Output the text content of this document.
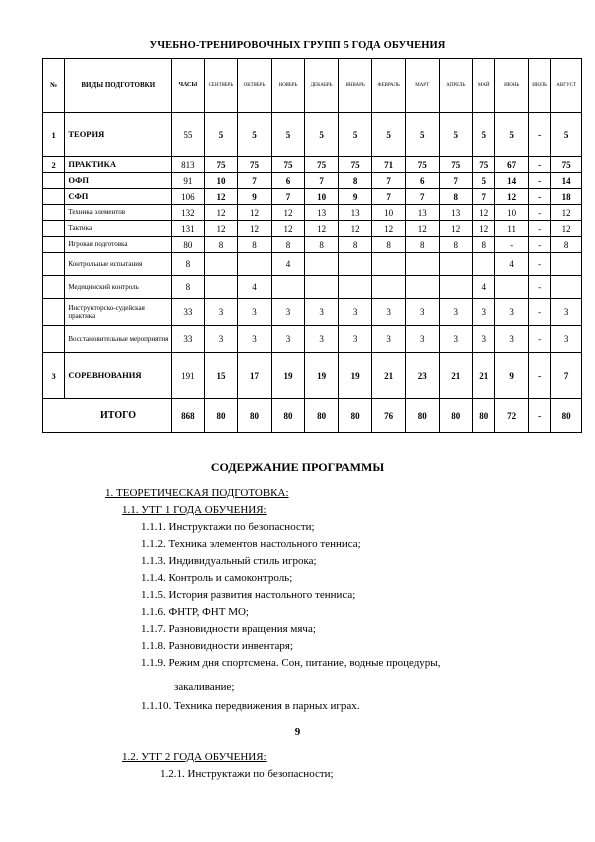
УЧЕБНО-ТРЕНИРОВОЧНЫХ ГРУПП 5 ГОДА ОБУЧЕНИЯ
№	ВИДЫ ПОДГОТОВКИ	ЧАСЫ	СЕНТЯБРЬ	ОКТЯБРЬ	НОЯБРЬ	ДЕКАБРЬ	ЯНВАРЬ	ФЕВРАЛЬ	МАРТ	АПРЕЛЬ	МАЙ	ИЮНЬ	ИЮЛЬ	АВГУСТ
1	ТЕОРИЯ	55	5	5	5	5	5	5	5	5	5	5	-	5
2	ПРАКТИКА	813	75	75	75	75	75	71	75	75	75	67	-	75
	ОФП	91	10	7	6	7	8	7	6	7	5	14	-	14
	СФП	106	12	9	7	10	9	7	7	8	7	12	-	18
	Техника элементов	132	12	12	12	13	13	10	13	13	12	10	-	12
	Тактика	131	12	12	12	12	12	12	12	12	12	11	-	12
	Игровая подготовка	80	8	8	8	8	8	8	8	8	8	-	-	8
	Контрольные испытания	8			4							4	-	
	Медицинский контроль	8		4							4		-	
	Инструкторско-судейская практика	33	3	3	3	3	3	3	3	3	3	3	-	3
	Восстановительные мероприятия	33	3	3	3	3	3	3	3	3	3	3	-	3
3	СОРЕВНОВАНИЯ	191	15	17	19	19	19	21	23	21	21	9	-	7
	ИТОГО	868	80	80	80	80	80	76	80	80	80	72	-	80
СОДЕРЖАНИЕ ПРОГРАММЫ
1. ТЕОРЕТИЧЕСКАЯ ПОДГОТОВКА:
1.1. УТГ 1 ГОДА ОБУЧЕНИЯ:
1.1.1. Инструктажи по безопасности;
1.1.2. Техника элементов настольного тенниса;
1.1.3. Индивидуальный стиль игрока;
1.1.4. Контроль и самоконтроль;
1.1.5. История развития настольного тенниса;
1.1.6. ФНТР, ФНТ МО;
1.1.7. Разновидности вращения мяча;
1.1.8. Разновидности инвентаря;
1.1.9. Режим дня спортсмена. Сон, питание, водные процедуры,
закаливание;
1.1.10. Техника передвижения в парных играх.
1.2. УТГ 2 ГОДА ОБУЧЕНИЯ:
1.2.1. Инструктажи по безопасности;
9
